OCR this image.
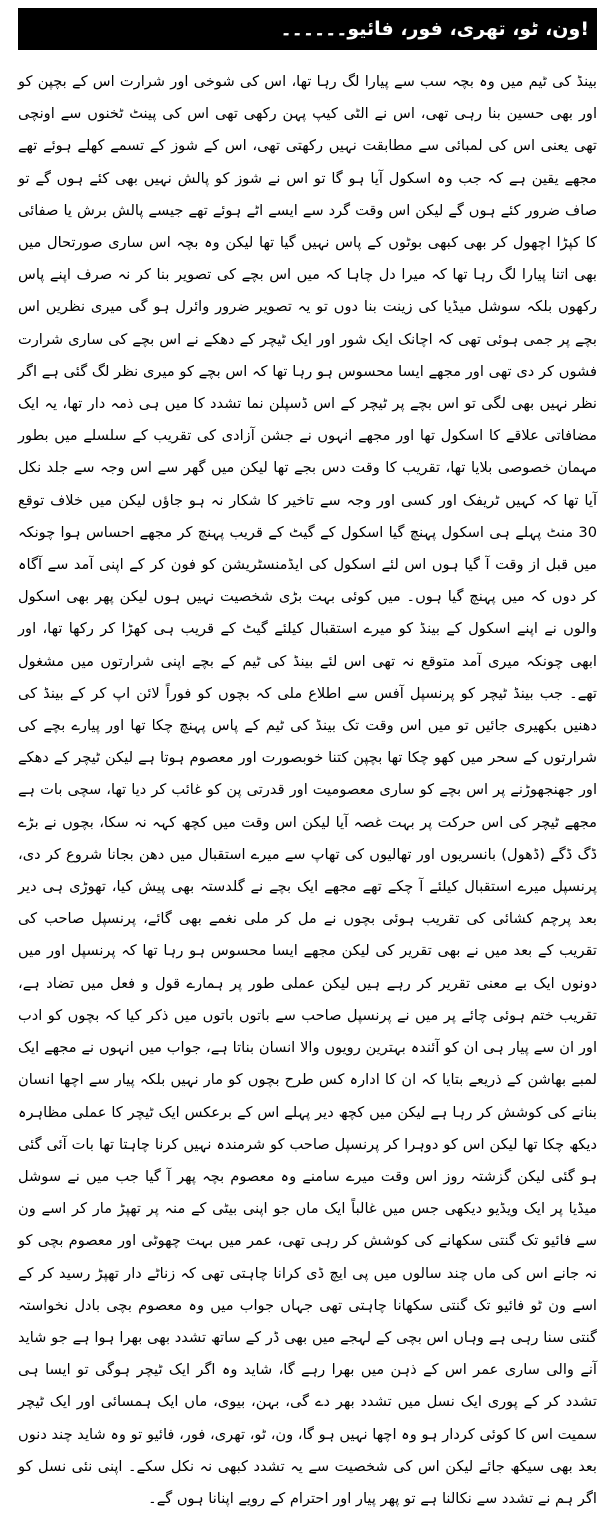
!ون، ٹو، تھری، فور، فائیو۔۔۔۔۔۔

بینڈ کی ٹیم میں وہ بچہ سب سے پیارا لگ رہا تھا، اس کی شوخی اور شرارت اس کے بچپن کو اور بھی حسین بنا رہی تھی، اس نے الٹی کیپ پہن رکھی تھی اس کی پینٹ ٹخنوں سے اونچی تھی یعنی اس کی لمبائی سے مطابقت نہیں رکھتی تھی، اس کے شوز کے تسمے کھلے ہوئے تھے مجھے یقین ہے کہ جب وہ اسکول آیا ہو گا تو اس نے شوز کو پالش نہیں بھی کئے ہوں گے تو صاف ضرور کئے ہوں گے لیکن اس وقت گرد سے ایسے اٹے ہوئے تھے جیسے پالش برش یا صفائی کا کپڑا اچھول کر بھی کبھی بوٹوں کے پاس نہیں گیا تھا لیکن وہ بچہ اس ساری صورتحال میں بھی اتنا پیارا لگ رہا تھا کہ میرا دل چاہا کہ میں اس بچے کی تصویر بنا کر نہ صرف اپنے پاس رکھوں بلکہ سوشل میڈیا کی زینت بنا دوں تو یہ تصویر ضرور وائرل ہو گی میری نظریں اس بچے پر جمی ہوئی تھی کہ اچانک ایک شور اور ایک ٹیچر کے دھکے نے اس بچے کی ساری شرارت فشوں کر دی تھی اور مجھے ایسا محسوس ہو رہا تھا کہ اس بچے کو میری نظر لگ گئی ہے اگر نظر نہیں بھی لگی تو اس بچے پر ٹیچر کے اس ڈسپلن نما تشدد کا میں ہی ذمہ دار تھا، یہ ایک مضافاتی علاقے کا اسکول تھا اور مجھے انہوں نے جشن آزادی کی تقریب کے سلسلے میں بطور مہمان خصوصی بلایا تھا، تقریب کا وقت دس بجے تھا لیکن میں گھر سے اس وجہ سے جلد نکل آیا تھا کہ کہیں ٹریفک اور کسی اور وجہ سے تاخیر کا شکار نہ ہو جاؤں لیکن میں خلاف توقع 30 منٹ پہلے ہی اسکول پہنچ گیا اسکول کے گیٹ کے قریب پہنچ کر مجھے احساس ہوا چونکہ میں قبل از وقت آ گیا ہوں اس لئے اسکول کی ایڈمنسٹریشن کو فون کر کے اپنی آمد سے آگاہ کر دوں کہ میں پہنچ گیا ہوں۔ میں کوئی بہت بڑی شخصیت نہیں ہوں لیکن پھر بھی اسکول والوں نے اپنے اسکول کے بینڈ کو میرے استقبال کیلئے گیٹ کے قریب ہی کھڑا کر رکھا تھا، اور ابھی چونکہ میری آمد متوقع نہ تھی اس لئے بینڈ کی ٹیم کے بچے اپنی شرارتوں میں مشغول تھے۔ جب بینڈ ٹیچر کو پرنسپل آفس سے اطلاع ملی کہ بچوں کو فوراً لائن اپ کر کے بینڈ کی دھنیں بکھیری جائیں تو میں اس وقت تک بینڈ کی ٹیم کے پاس پہنچ چکا تھا اور پیارے بچے کی شرارتوں کے سحر میں کھو چکا تھا بچپن کتنا خوبصورت اور معصوم ہوتا ہے لیکن ٹیچر کے دھکے اور جھنجھوڑنے پر اس بچے کو ساری معصومیت اور قدرتی پن کو غائب کر دیا تھا، سچی بات ہے مجھے ٹیچر کی اس حرکت پر بہت غصہ آیا لیکن اس وقت میں کچھ کہہ نہ سکا، بچوں نے بڑے ڈگ ڈگے (ڈھول) بانسریوں اور تھالیوں کی تھاپ سے میرے استقبال میں دھن بجانا شروع کر دی، پرنسپل میرے استقبال کیلئے آ چکے تھے مجھے ایک بچے نے گلدستہ بھی پیش کیا، تھوڑی ہی دیر بعد پرچم کشائی کی تقریب ہوئی بچوں نے مل کر ملی نغمے بھی گائے، پرنسپل صاحب کی تقریب کے بعد میں نے بھی تقریر کی لیکن مجھے ایسا محسوس ہو رہا تھا کہ پرنسپل اور میں دونوں ایک بے معنی تقریر کر رہے ہیں لیکن عملی طور پر ہمارے قول و فعل میں تضاد ہے، تقریب ختم ہوئی چائے پر میں نے پرنسپل صاحب سے باتوں باتوں میں ذکر کیا کہ بچوں کو ادب اور ان سے پیار ہی ان کو آئندہ بہترین رویوں والا انسان بناتا ہے، جواب میں انہوں نے مجھے ایک لمبے بھاشن کے ذریعے بتایا کہ ان کا ادارہ کس طرح بچوں کو مار نہیں بلکہ پیار سے اچھا انسان بنانے کی کوشش کر رہا ہے لیکن میں کچھ دیر پہلے اس کے برعکس ایک ٹیچر کا عملی مظاہرہ دیکھ چکا تھا لیکن اس کو دوہرا کر پرنسپل صاحب کو شرمندہ نہیں کرنا چاہتا تھا بات آئی گئی ہو گئی لیکن گزشتہ روز اس وقت میرے سامنے وہ معصوم بچہ پھر آ گیا جب میں نے سوشل میڈیا پر ایک ویڈیو دیکھی جس میں غالباً ایک ماں جو اپنی بیٹی کے منہ پر تھپڑ مار کر اسے ون سے فائیو تک گنتی سکھانے کی کوشش کر رہی تھی، عمر میں بہت چھوٹی اور معصوم بچی کو نہ جانے اس کی ماں چند سالوں میں پی ایچ ڈی کرانا چاہتی تھی کہ زناٹے دار تھپڑ رسید کر کے اسے ون ٹو فائیو تک گنتی سکھانا چاہتی تھی جہاں جواب میں وہ معصوم بچی بادل نخواستہ گنتی سنا رہی ہے وہاں اس بچی کے لہجے میں بھی ڈر کے ساتھ تشدد بھی بھرا ہوا ہے جو شاید آنے والی ساری عمر اس کے ذہن میں بھرا رہے گا، شاید وہ اگر ایک ٹیچر ہوگی تو ایسا ہی تشدد کر کے پوری ایک نسل میں تشدد بھر دے گی، بہن، بیوی، ماں ایک ہمسائی اور ایک ٹیچر سمیت اس کا کوئی کردار ہو وہ اچھا نہیں ہو گا، ون، ٹو، تھری، فور، فائیو تو وہ شاید چند دنوں بعد بھی سیکھ جائے لیکن اس کی شخصیت سے یہ تشدد کبھی نہ نکل سکے۔ اپنی نئی نسل کو اگر ہم نے تشدد سے نکالنا ہے تو پھر پیار اور احترام کے رویے اپنانا ہوں گے۔
